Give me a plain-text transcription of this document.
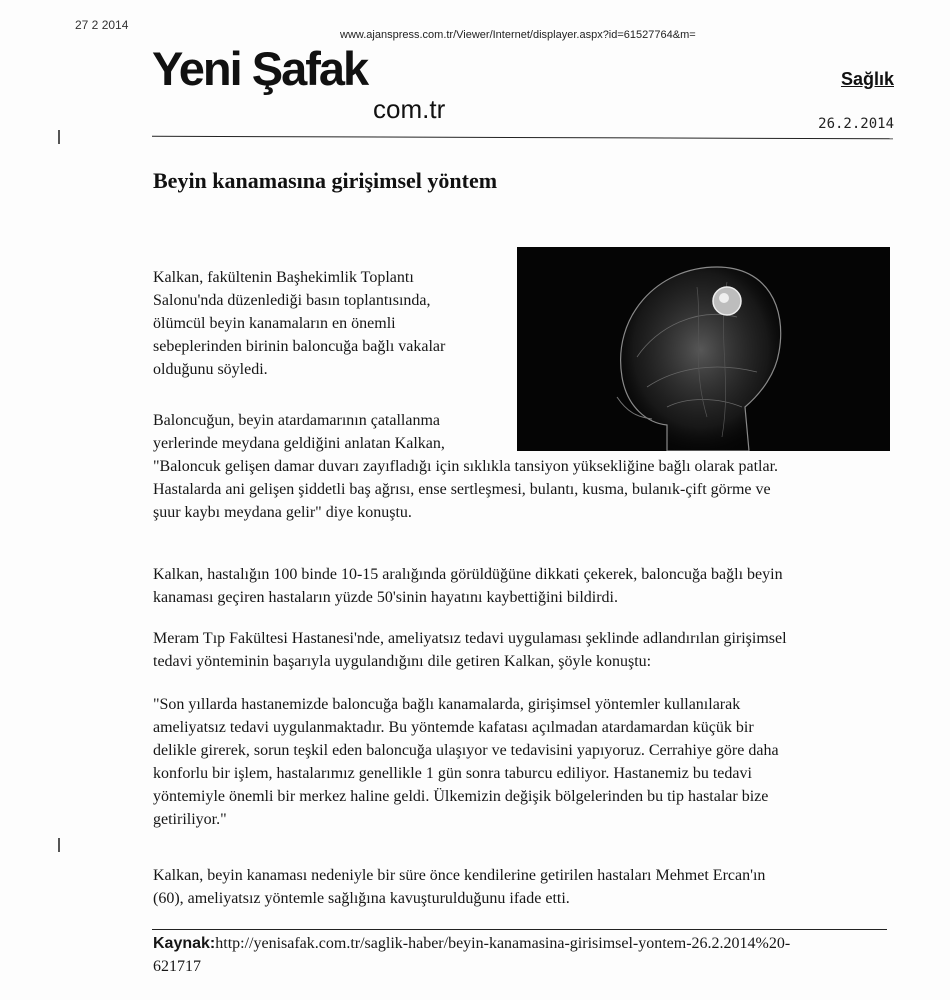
27 2 2014
www.ajanspress.com.tr/Viewer/Internet/displayer.aspx?id=61527764&m=
Yeni Şafak
com.tr
Sağlık
26.2.2014
Beyin kanamasına girişimsel yöntem
Kalkan, fakültenin Başhekimlik Toplantı
Salonu'nda düzenlediği basın toplantısında,
ölümcül beyin kanamaların en önemli
sebeplerinden birinin baloncuğa bağlı vakalar
olduğunu söyledi.
Baloncuğun, beyin atardamarının çatallanma
yerlerinde meydana geldiğini anlatan Kalkan,
"Baloncuk gelişen damar duvarı zayıfladığı için sıklıkla tansiyon yüksekliğine bağlı olarak patlar.
Hastalarda ani gelişen şiddetli baş ağrısı, ense sertleşmesi, bulantı, kusma, bulanık-çift görme ve
şuur kaybı meydana gelir" diye konuştu.
Kalkan, hastalığın 100 binde 10-15 aralığında görüldüğüne dikkati çekerek, baloncuğa bağlı beyin
kanaması geçiren hastaların yüzde 50'sinin hayatını kaybettiğini bildirdi.
Meram Tıp Fakültesi Hastanesi'nde, ameliyatsız tedavi uygulaması şeklinde adlandırılan girişimsel
tedavi yönteminin başarıyla uygulandığını dile getiren Kalkan, şöyle konuştu:
"Son yıllarda hastanemizde baloncuğa bağlı kanamalarda, girişimsel yöntemler kullanılarak
ameliyatsız tedavi uygulanmaktadır. Bu yöntemde kafatası açılmadan atardamardan küçük bir
delikle girerek, sorun teşkil eden baloncuğa ulaşıyor ve tedavisini yapıyoruz. Cerrahiye göre daha
konforlu bir işlem, hastalarımız genellikle 1 gün sonra taburcu ediliyor. Hastanemiz bu tedavi
yöntemiyle önemli bir merkez haline geldi. Ülkemizin değişik bölgelerinden bu tip hastalar bize
getiriliyor."
Kalkan, beyin kanaması nedeniyle bir süre önce kendilerine getirilen hastaları Mehmet Ercan'ın
(60), ameliyatsız yöntemle sağlığına kavuşturulduğunu ifade etti.
Kaynak:http://yenisafak.com.tr/saglik-haber/beyin-kanamasina-girisimsel-yontem-26.2.2014%20-
621717
